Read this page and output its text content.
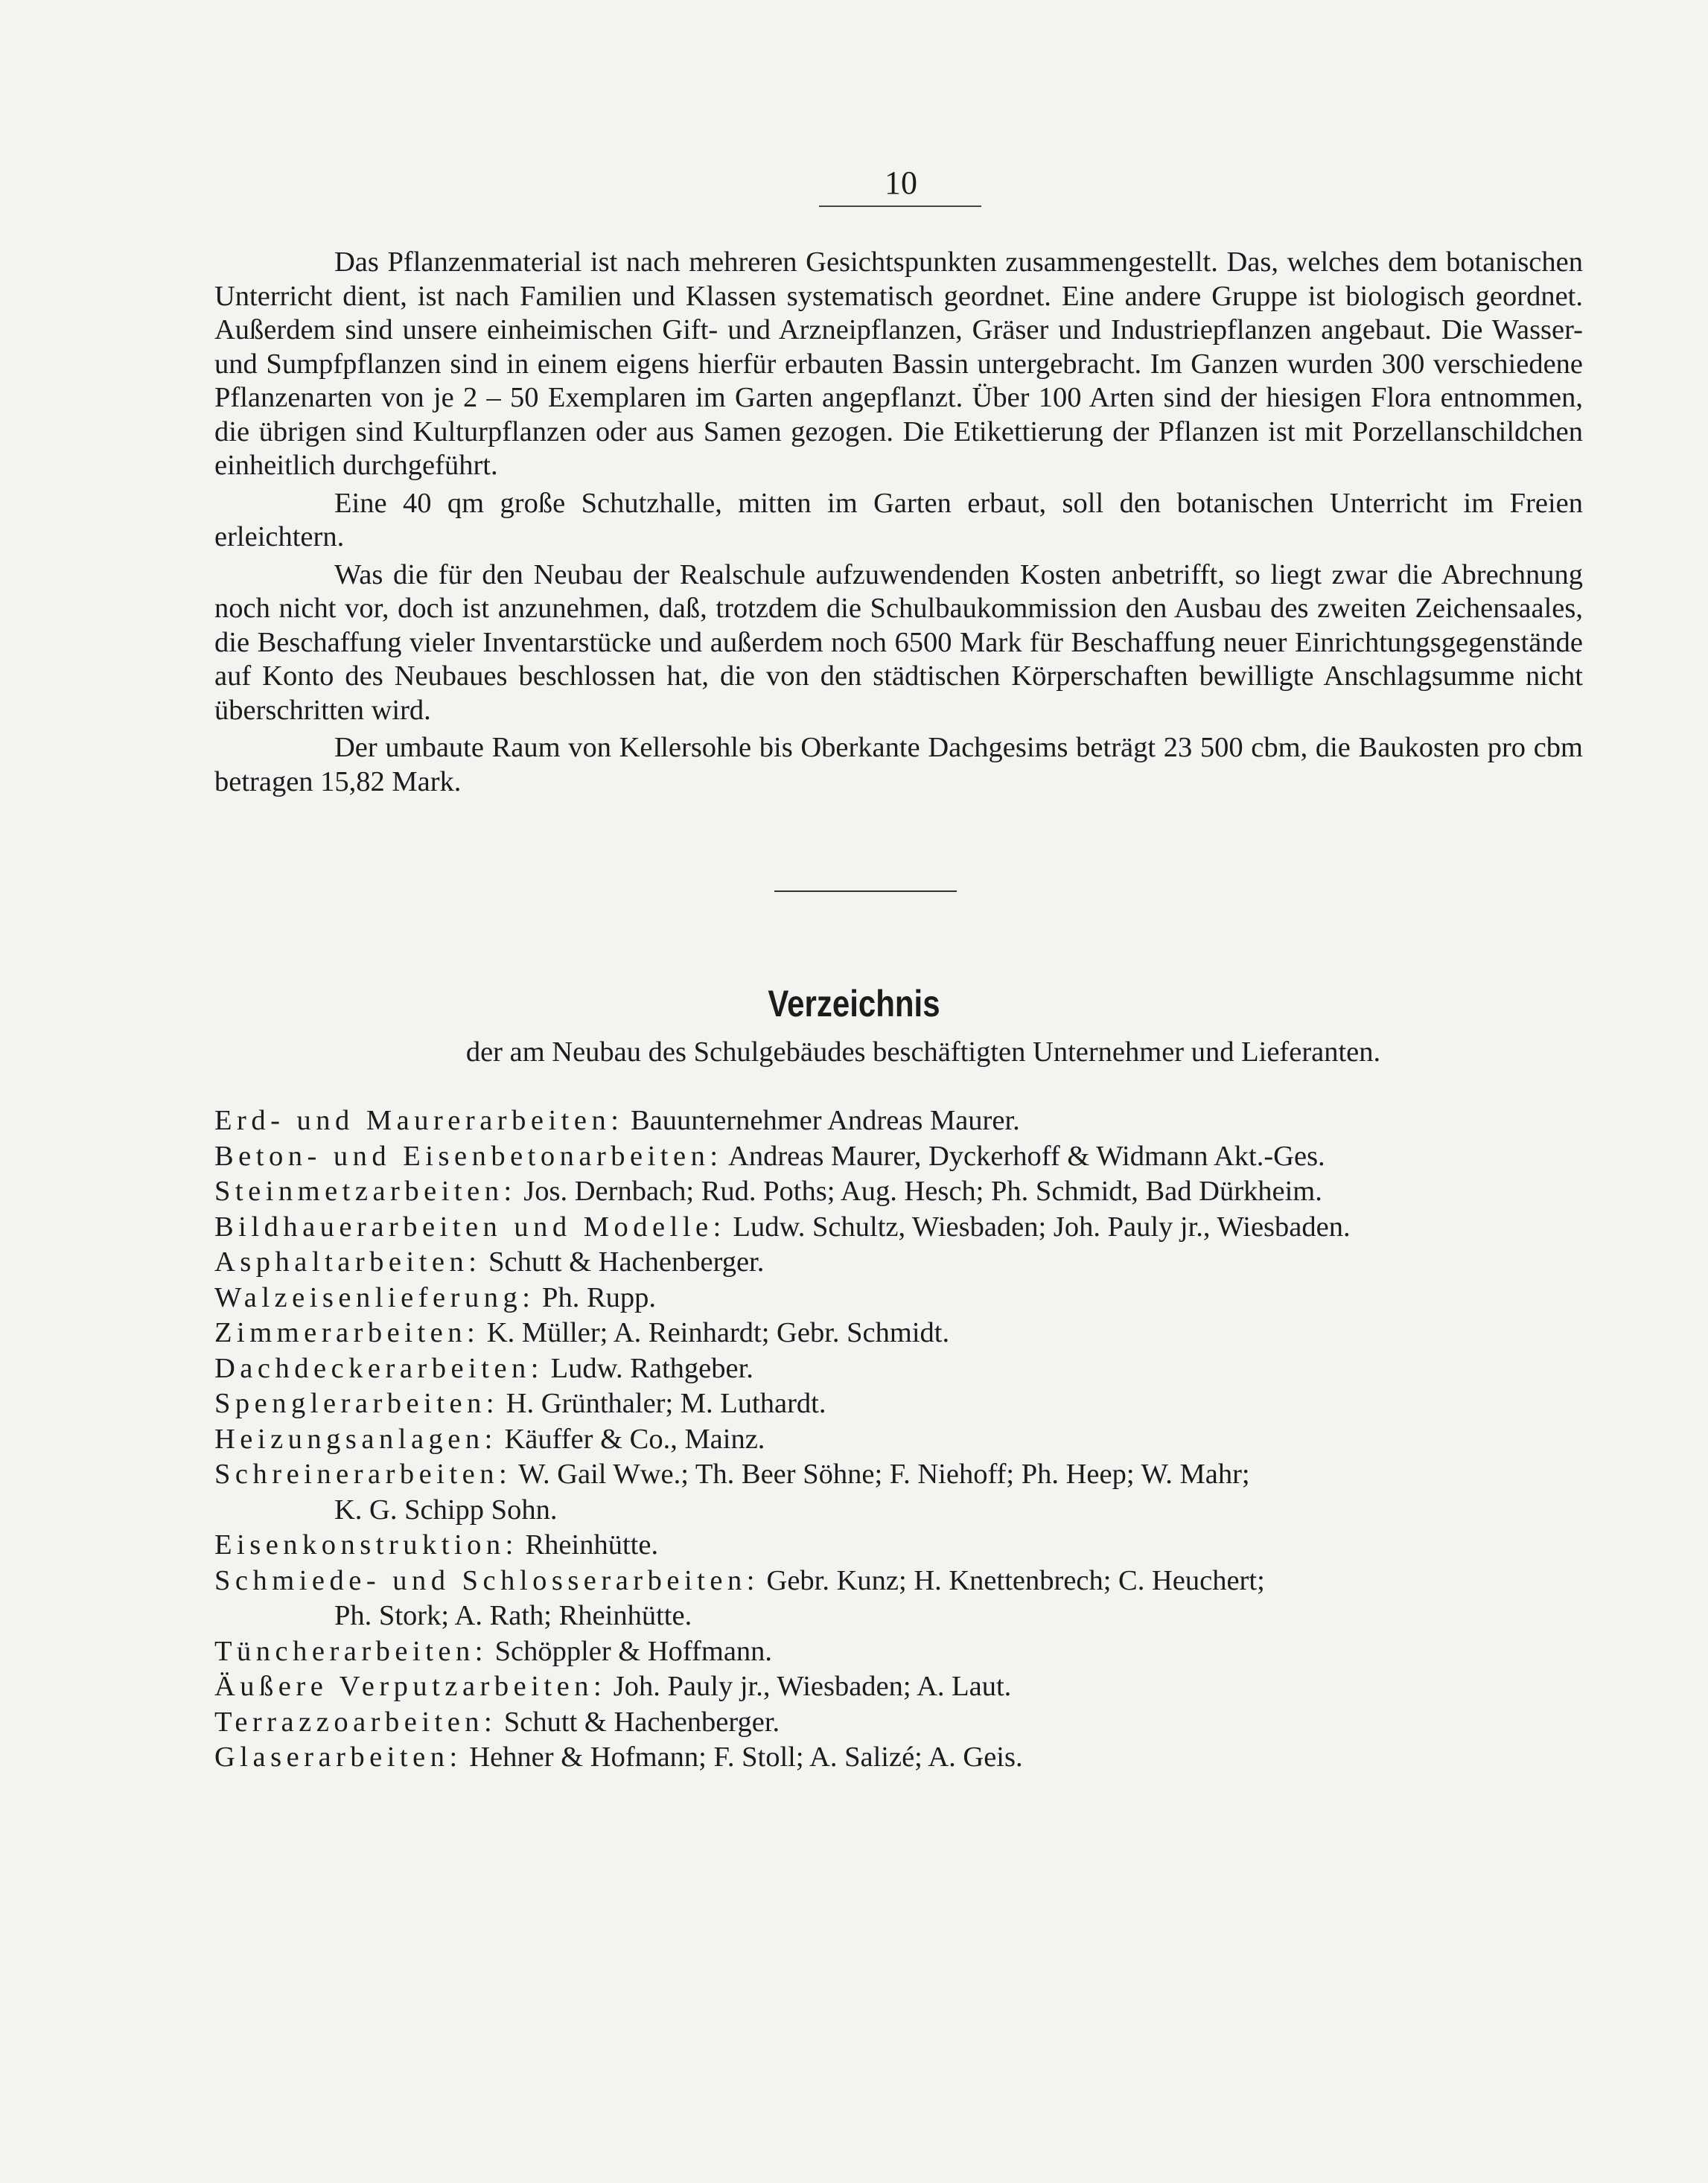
10

Das Pflanzenmaterial ist nach mehreren Gesichtspunkten zusammengestellt. Das, welches dem botanischen Unterricht dient, ist nach Familien und Klassen systematisch geordnet. Eine andere Gruppe ist biologisch geordnet. Außerdem sind unsere einheimischen Gift- und Arzneipflanzen, Gräser und Industriepflanzen angebaut. Die Wasser- und Sumpfpflanzen sind in einem eigens hierfür erbauten Bassin untergebracht. Im Ganzen wurden 300 verschiedene Pflanzenarten von je 2 – 50 Exemplaren im Garten angepflanzt. Über 100 Arten sind der hiesigen Flora entnommen, die übrigen sind Kulturpflanzen oder aus Samen gezogen. Die Etikettierung der Pflanzen ist mit Porzellanschildchen einheitlich durchgeführt.

Eine 40 qm große Schutzhalle, mitten im Garten erbaut, soll den botanischen Unterricht im Freien erleichtern.

Was die für den Neubau der Realschule aufzuwendenden Kosten anbetrifft, so liegt zwar die Abrechnung noch nicht vor, doch ist anzunehmen, daß, trotzdem die Schulbaukommission den Ausbau des zweiten Zeichensaales, die Beschaffung vieler Inventarstücke und außerdem noch 6500 Mark für Beschaffung neuer Einrichtungsgegenstände auf Konto des Neubaues beschlossen hat, die von den städtischen Körperschaften bewilligte Anschlagsumme nicht überschritten wird.

Der umbaute Raum von Kellersohle bis Oberkante Dachgesims beträgt 23 500 cbm, die Baukosten pro cbm betragen 15,82 Mark.

Verzeichnis
der am Neubau des Schulgebäudes beschäftigten Unternehmer und Lieferanten.

Erd- und Maurerarbeiten: Bauunternehmer Andreas Maurer.

Beton- und Eisenbetonarbeiten: Andreas Maurer, Dyckerhoff & Widmann Akt.-Ges.

Steinmetzarbeiten: Jos. Dernbach; Rud. Poths; Aug. Hesch; Ph. Schmidt, Bad Dürkheim.

Bildhauerarbeiten und Modelle: Ludw. Schultz, Wiesbaden; Joh. Pauly jr., Wiesbaden.

Asphaltarbeiten: Schutt & Hachenberger.

Walzeisenlieferung: Ph. Rupp.

Zimmerarbeiten: K. Müller; A. Reinhardt; Gebr. Schmidt.

Dachdeckerarbeiten: Ludw. Rathgeber.

Spenglerarbeiten: H. Grünthaler; M. Luthardt.

Heizungsanlagen: Käuffer & Co., Mainz.

Schreinerarbeiten: W. Gail Wwe.; Th. Beer Söhne; F. Niehoff; Ph. Heep; W. Mahr;
K. G. Schipp Sohn.

Eisenkonstruktion: Rheinhütte.

Schmiede- und Schlosserarbeiten: Gebr. Kunz; H. Knettenbrech; C. Heuchert;
Ph. Stork; A. Rath; Rheinhütte.

Tüncherarbeiten: Schöppler & Hoffmann.

Äußere Verputzarbeiten: Joh. Pauly jr., Wiesbaden; A. Laut.

Terrazzoarbeiten: Schutt & Hachenberger.

Glaserarbeiten: Hehner & Hofmann; F. Stoll; A. Salizé; A. Geis.
